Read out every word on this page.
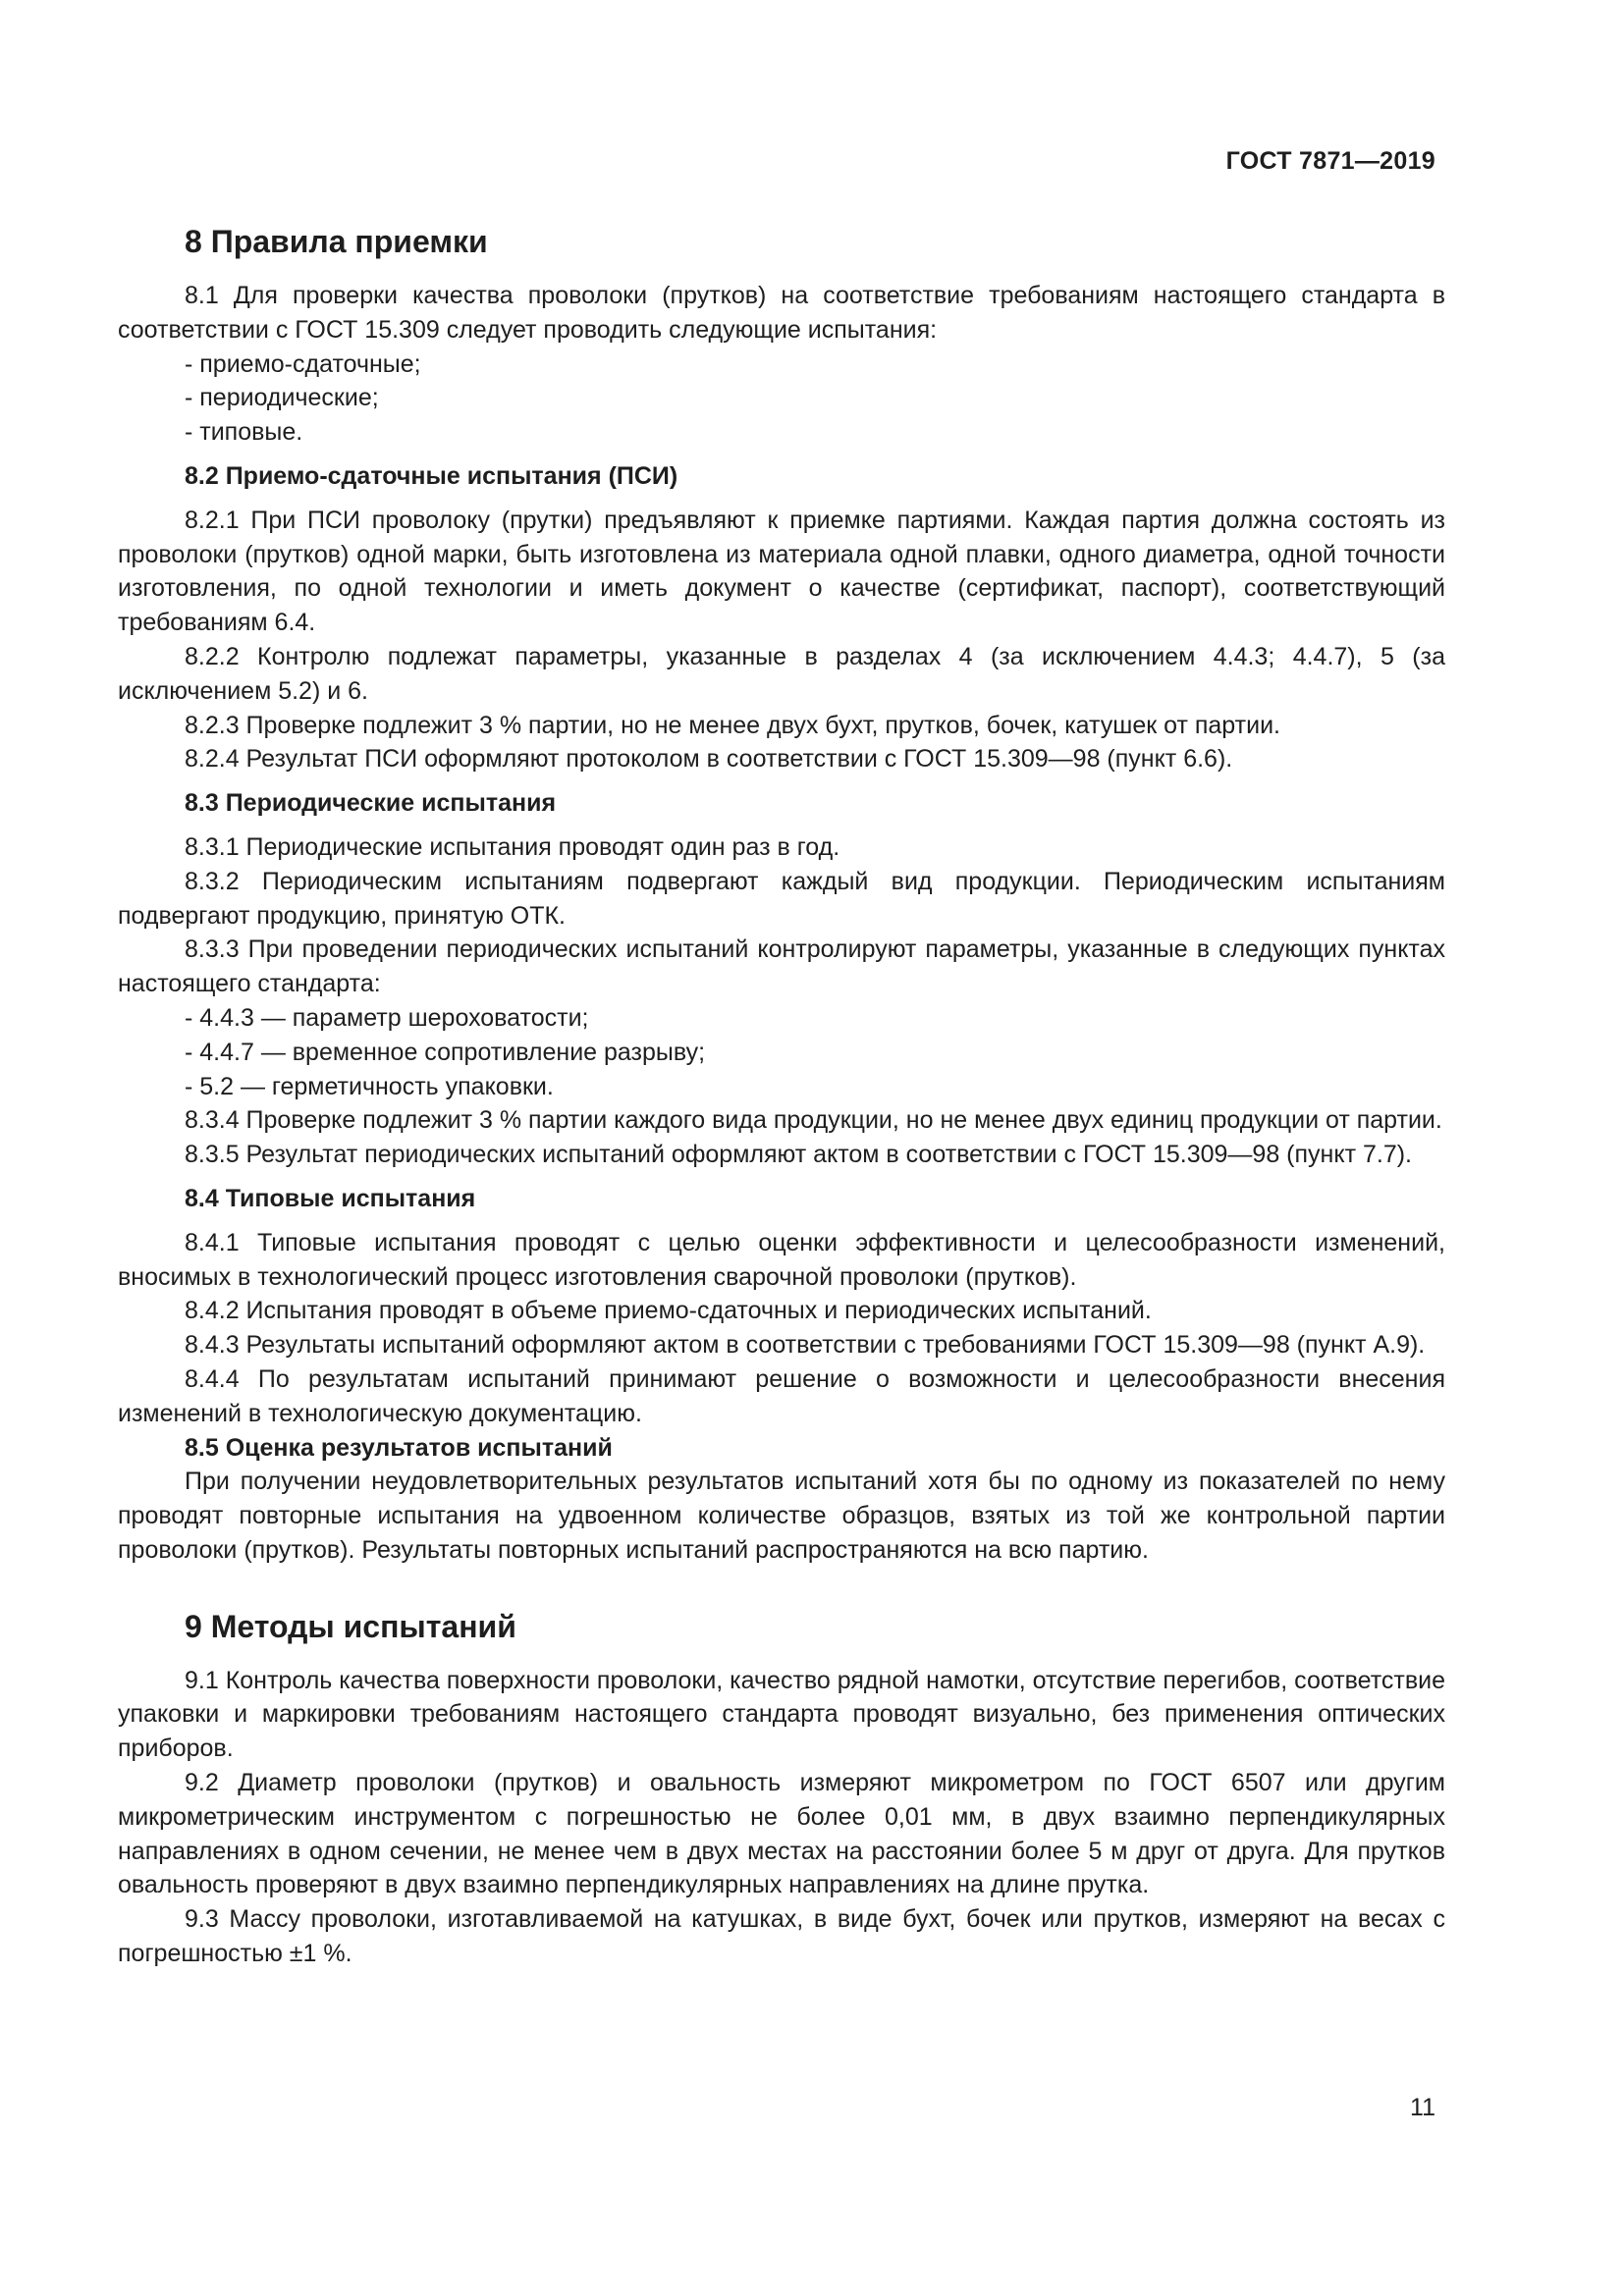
ГОСТ 7871—2019
8 Правила приемки

8.1 Для проверки качества проволоки (прутков) на соответствие требованиям настоящего стандарта в соответствии с ГОСТ 15.309 следует проводить следующие испытания:

- приемо-сдаточные;

- периодические;

- типовые.

8.2 Приемо-сдаточные испытания (ПСИ)

8.2.1 При ПСИ проволоку (прутки) предъявляют к приемке партиями. Каждая партия должна состоять из проволоки (прутков) одной марки, быть изготовлена из материала одной плавки, одного диаметра, одной точности изготовления, по одной технологии и иметь документ о качестве (сертификат, паспорт), соответствующий требованиям 6.4.

8.2.2 Контролю подлежат параметры, указанные в разделах 4 (за исключением 4.4.3; 4.4.7), 5 (за исключением 5.2) и 6.

8.2.3 Проверке подлежит 3 % партии, но не менее двух бухт, прутков, бочек, катушек от партии.

8.2.4 Результат ПСИ оформляют протоколом в соответствии с ГОСТ 15.309—98 (пункт 6.6).

8.3 Периодические испытания

8.3.1 Периодические испытания проводят один раз в год.

8.3.2 Периодическим испытаниям подвергают каждый вид продукции. Периодическим испытаниям подвергают продукцию, принятую ОТК.

8.3.3 При проведении периодических испытаний контролируют параметры, указанные в следующих пунктах настоящего стандарта:

- 4.4.3 — параметр шероховатости;

- 4.4.7 — временное сопротивление разрыву;

- 5.2 — герметичность упаковки.

8.3.4 Проверке подлежит 3 % партии каждого вида продукции, но не менее двух единиц продукции от партии.

8.3.5 Результат периодических испытаний оформляют актом в соответствии с ГОСТ 15.309—98 (пункт 7.7).

8.4 Типовые испытания

8.4.1 Типовые испытания проводят с целью оценки эффективности и целесообразности изменений, вносимых в технологический процесс изготовления сварочной проволоки (прутков).

8.4.2 Испытания проводят в объеме приемо-сдаточных и периодических испытаний.

8.4.3 Результаты испытаний оформляют актом в соответствии с требованиями ГОСТ 15.309—98 (пункт А.9).

8.4.4 По результатам испытаний принимают решение о возможности и целесообразности внесения изменений в технологическую документацию.

8.5 Оценка результатов испытаний

При получении неудовлетворительных результатов испытаний хотя бы по одному из показателей по нему проводят повторные испытания на удвоенном количестве образцов, взятых из той же контрольной партии проволоки (прутков). Результаты повторных испытаний распространяются на всю партию.

9 Методы испытаний

9.1 Контроль качества поверхности проволоки, качество рядной намотки, отсутствие перегибов, соответствие упаковки и маркировки требованиям настоящего стандарта проводят визуально, без применения оптических приборов.

9.2 Диаметр проволоки (прутков) и овальность измеряют микрометром по ГОСТ 6507 или другим микрометрическим инструментом с погрешностью не более 0,01 мм, в двух взаимно перпендикулярных направлениях в одном сечении, не менее чем в двух местах на расстоянии более 5 м друг от друга. Для прутков овальность проверяют в двух взаимно перпендикулярных направлениях на длине прутка.

9.3 Массу проволоки, изготавливаемой на катушках, в виде бухт, бочек или прутков, измеряют на весах с погрешностью ±1 %.

11
